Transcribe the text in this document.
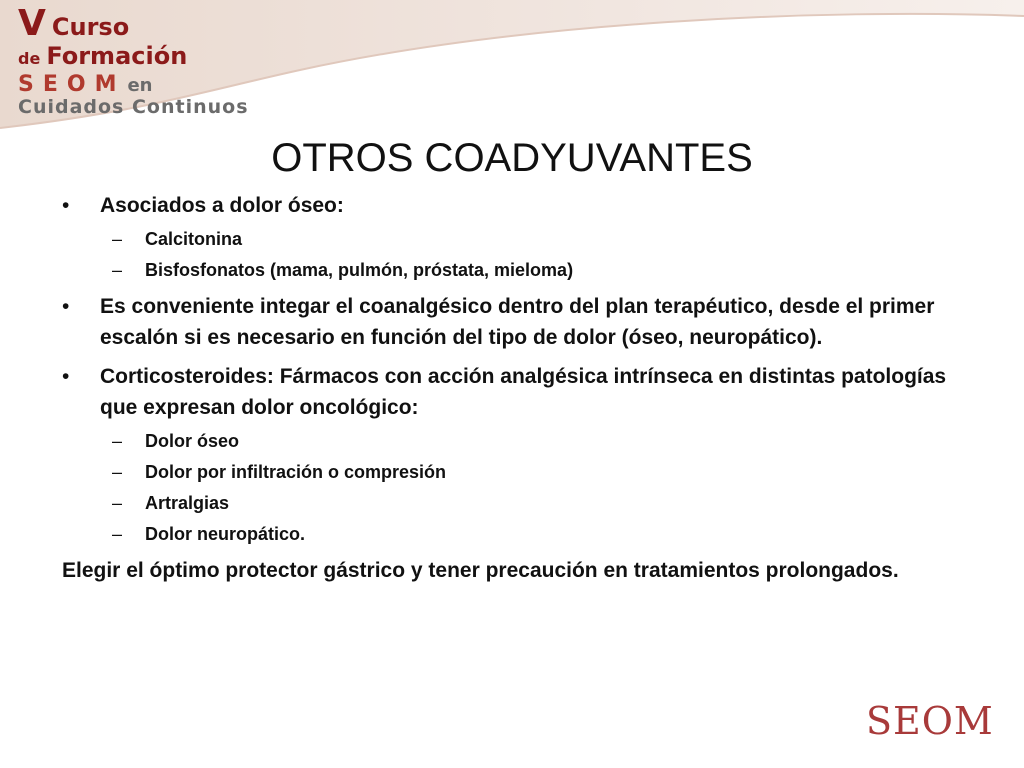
V Curso
de Formación
SEOM en
Cuidados Continuos
OTROS COADYUVANTES
• Asociados a dolor óseo:
– Calcitonina
– Bisfosfonatos (mama, pulmón, próstata, mieloma)
• Es conveniente integar el coanalgésico dentro del plan terapéutico, desde el primer escalón si es necesario en función del tipo de dolor (óseo, neuropático).
• Corticosteroides: Fármacos con acción analgésica intrínseca en distintas patologías que expresan dolor oncológico:
– Dolor óseo
– Dolor por infiltración o compresión
– Artralgias
– Dolor neuropático.
Elegir el óptimo protector gástrico y tener precaución en tratamientos prolongados.
SEOM
